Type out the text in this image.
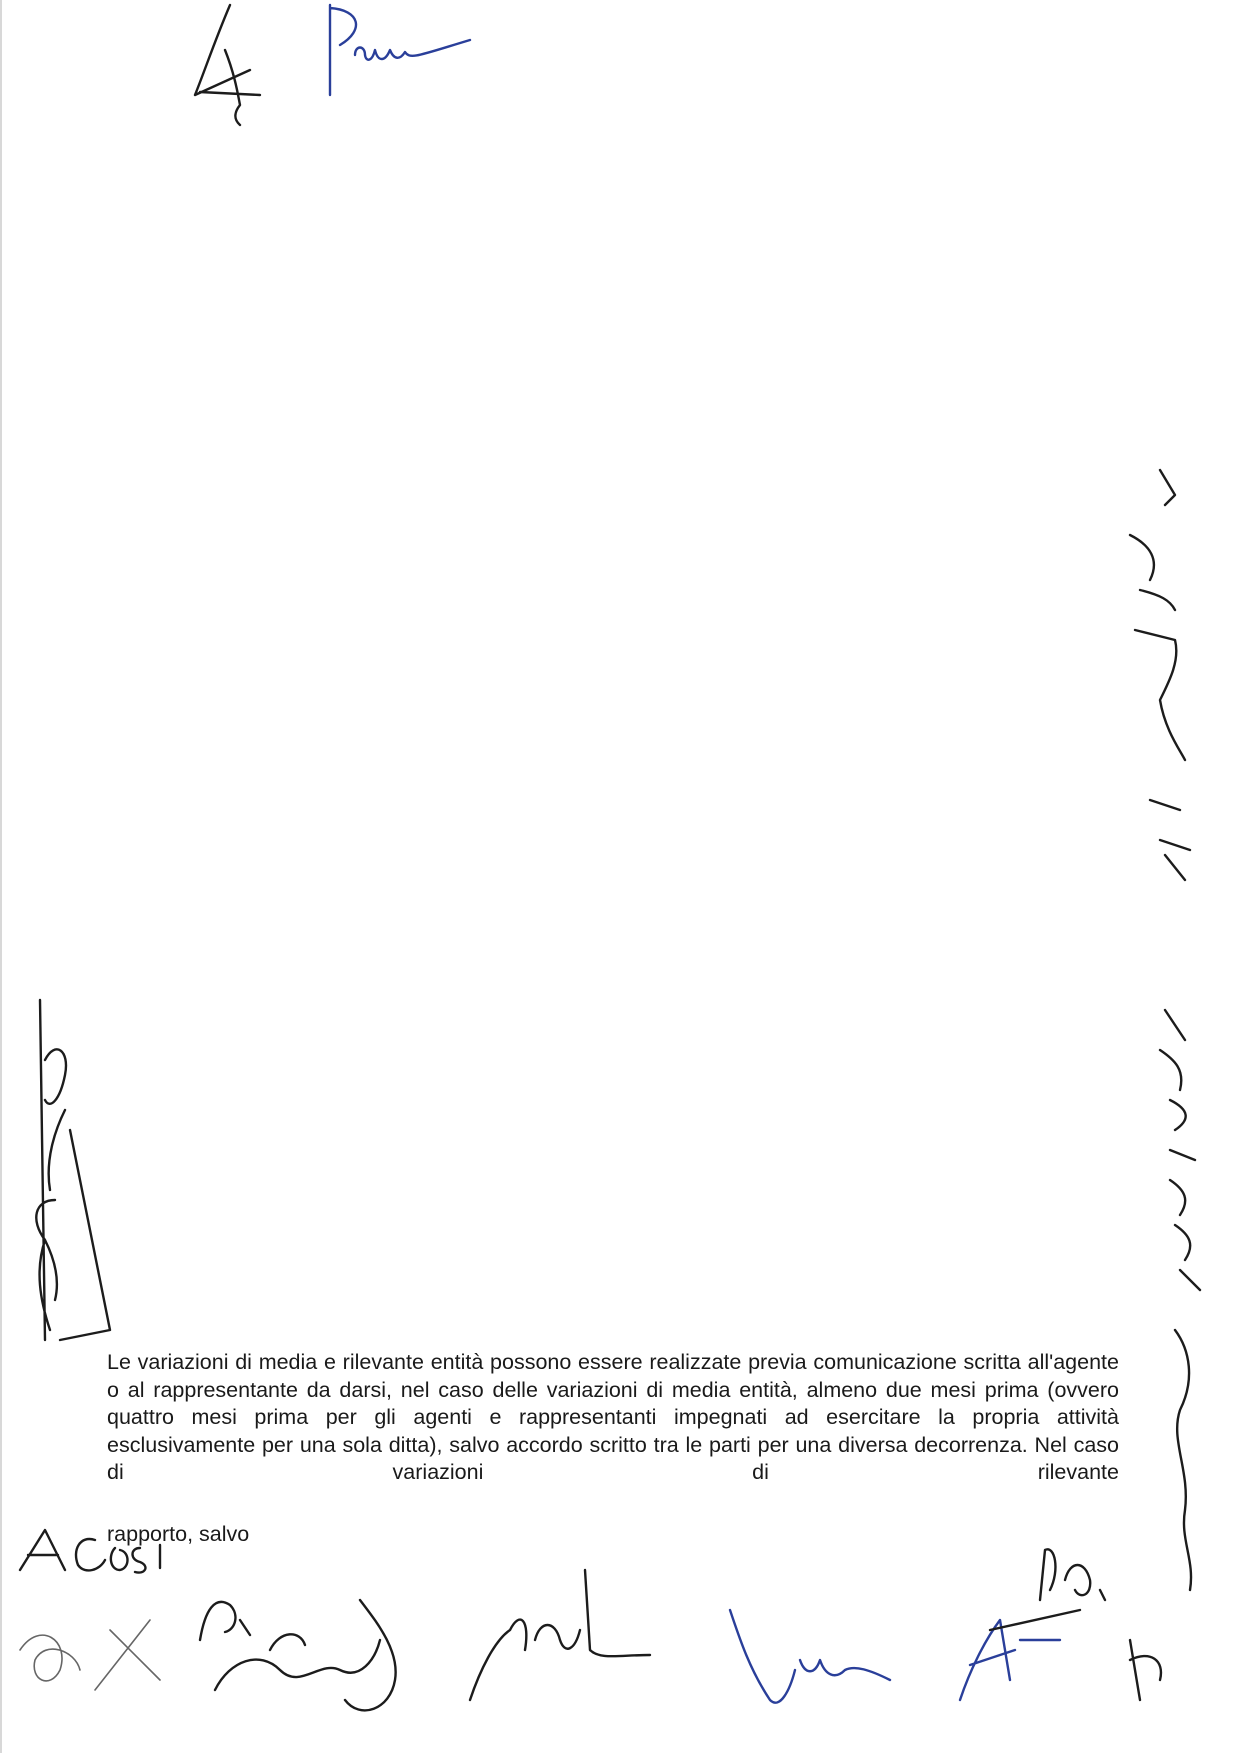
Le variazioni di media e rilevante entità possono essere realizzate previa comunicazione scritta all'agente o al rappresentante da darsi, nel caso delle variazioni di media entità, almeno due mesi prima (ovvero quattro mesi prima per gli agenti e rappresentanti impegnati ad esercitare la propria attività esclusivamente per una sola ditta), salvo accordo scritto tra le parti per una diversa decorrenza. Nel caso di variazioni di rilevante
rapporto, salvo
